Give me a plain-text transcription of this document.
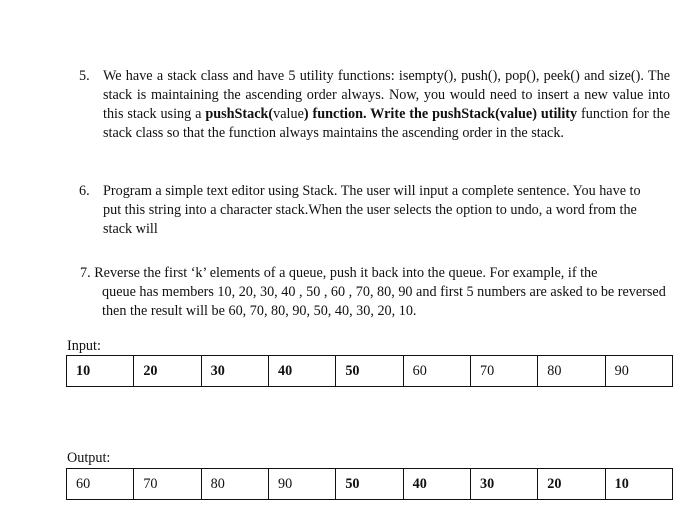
5. We have a stack class and have 5 utility functions: isempty(), push(), pop(), peek() and size(). The stack is maintaining the ascending order always. Now, you would need to insert a new value into this stack using a pushStack(value) function. Write the pushStack(value) utility function for the stack class so that the function always maintains the ascending order in the stack.
6. Program a simple text editor using Stack. The user will input a complete sentence. You have to put this string into a character stack.When the user selects the option to undo, a word from the stack will
7. Reverse the first ‘k’ elements of a queue, push it back into the queue. For example, if the
queue has members 10, 20, 30, 40 , 50 , 60 , 70, 80, 90 and first 5 numbers are asked to be reversed then the result will be 60, 70, 80, 90, 50, 40, 30, 20, 10.
Input:
10	20	30	40	50	60	70	80	90
Output:
60	70	80	90	50	40	30	20	10
